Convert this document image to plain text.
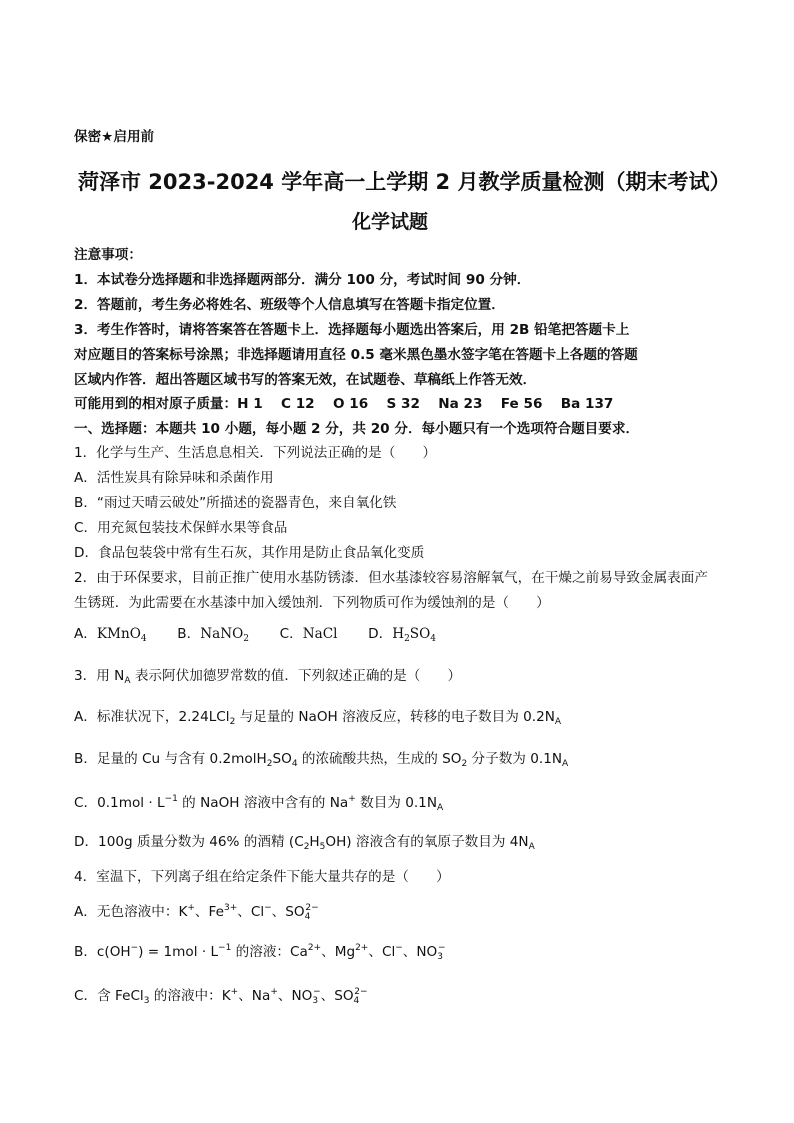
保密★启用前
菏泽市 2023-2024 学年高一上学期 2 月教学质量检测（期末考试）
化学试题
注意事项：
1．本试卷分选择题和非选择题两部分．满分 100 分，考试时间 90 分钟．
2．答题前，考生务必将姓名、班级等个人信息填写在答题卡指定位置．
3．考生作答时，请将答案答在答题卡上．选择题每小题选出答案后，用 2B 铅笔把答题卡上
对应题目的答案标号涂黑；非选择题请用直径 0.5 毫米黑色墨水签字笔在答题卡上各题的答题
区域内作答．超出答题区域书写的答案无效，在试题卷、草稿纸上作答无效．
可能用到的相对原子质量：H 1　 C 12　 O 16　 S 32　 Na 23　 Fe 56　 Ba 137
一、选择题：本题共 10 小题，每小题 2 分，共 20 分．每小题只有一个选项符合题目要求．
1．化学与生产、生活息息相关．下列说法正确的是（　　）
A．活性炭具有除异味和杀菌作用
B．“雨过天晴云破处”所描述的瓷器青色，来自氧化铁
C．用充氮包装技术保鲜水果等食品
D．食品包装袋中常有生石灰，其作用是防止食品氧化变质
2．由于环保要求，目前正推广使用水基防锈漆．但水基漆较容易溶解氧气，在干燥之前易导致金属表面产
生锈斑．为此需要在水基漆中加入缓蚀剂．下列物质可作为缓蚀剂的是（　　）
A．KMnO$_4$ B．NaNO$_2$ C．NaCl D．$H_2SO_4$
3．用 $N_A$ 表示阿伏加德罗常数的值．下列叙述正确的是（　　）
A．标准状况下，2.24LCl$_2$ 与足量的 NaOH 溶液反应，转移的电子数目为 $0.2N_A$
B．足量的 Cu 与含有 $0.2molH_2SO_4$ 的浓硫酸共热，生成的 $SO_2$ 分子数为 $0.1N_A$
C．$0.1mol \cdot L^{-1}$ 的 NaOH 溶液中含有的 Na+ 数目为 $0.1N_A$
D．100g 质量分数为 46% 的酒精 $(C_2H_5OH)$ 溶液含有的氧原子数目为 $4N_A$
4．室温下，下列离子组在给定条件下能大量共存的是（　　）
A．无色溶液中：K+、$Fe^{3+}$、Cl−、$SO_4^{2-}$
B．$c(OH^-) = 1mol \cdot L^{-1}$ 的溶液：$Ca^{2+}$、$Mg^{2+}$、Cl−、$NO_3^-$
C．含 FeCl$_3$ 的溶液中：K+、Na+、$NO_3^-$、$SO_4^{2-}$
